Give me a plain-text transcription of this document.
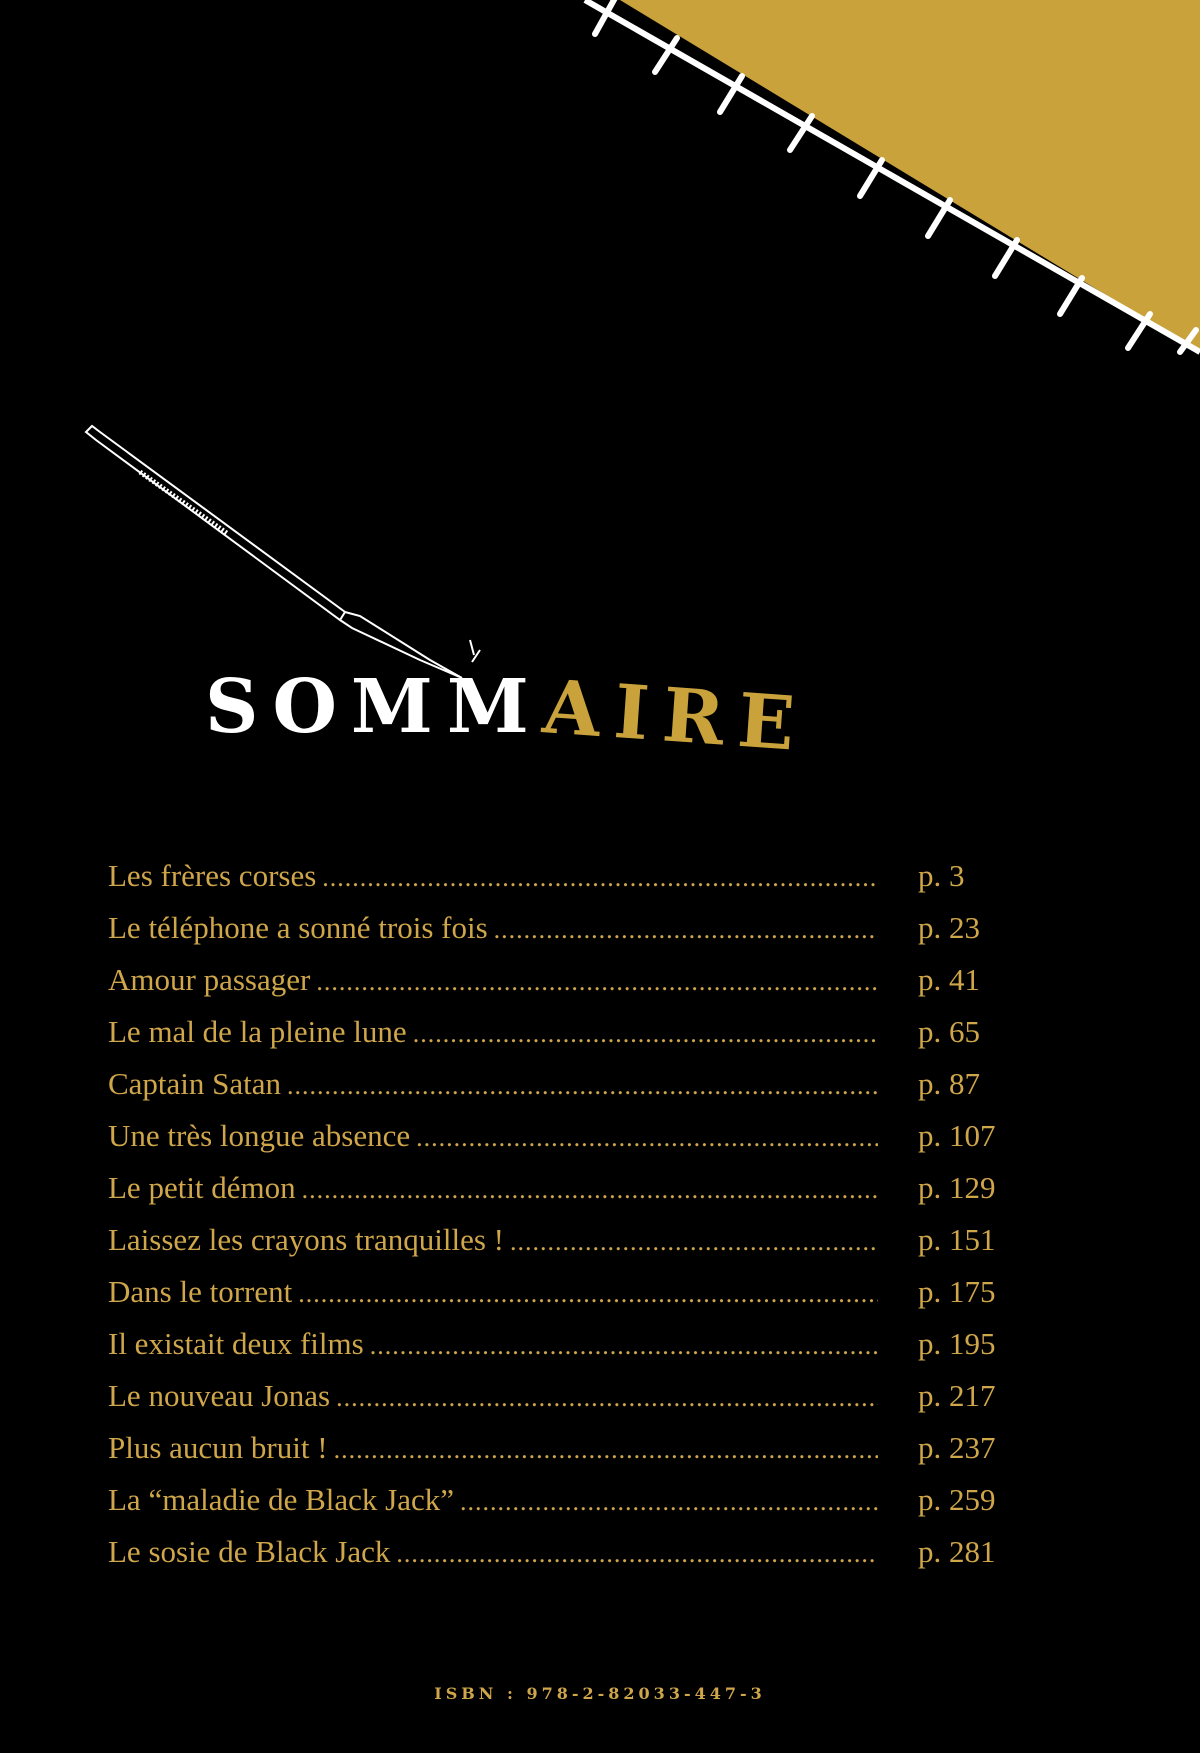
SOMMAIRE
Les frères corses .....	p. 3
Le téléphone a sonné trois fois .....	p. 23
Amour passager .....	p. 41
Le mal de la pleine lune .....	p. 65
Captain Satan .....	p. 87
Une très longue absence .....	p. 107
Le petit démon .....	p. 129
Laissez les crayons tranquilles ! .....	p. 151
Dans le torrent .....	p. 175
Il existait deux films .....	p. 195
Le nouveau Jonas .....	p. 217
Plus aucun bruit ! .....	p. 237
La “maladie de Black Jack” .....	p. 259
Le sosie de Black Jack .....	p. 281
ISBN : 978-2-82033-447-3
